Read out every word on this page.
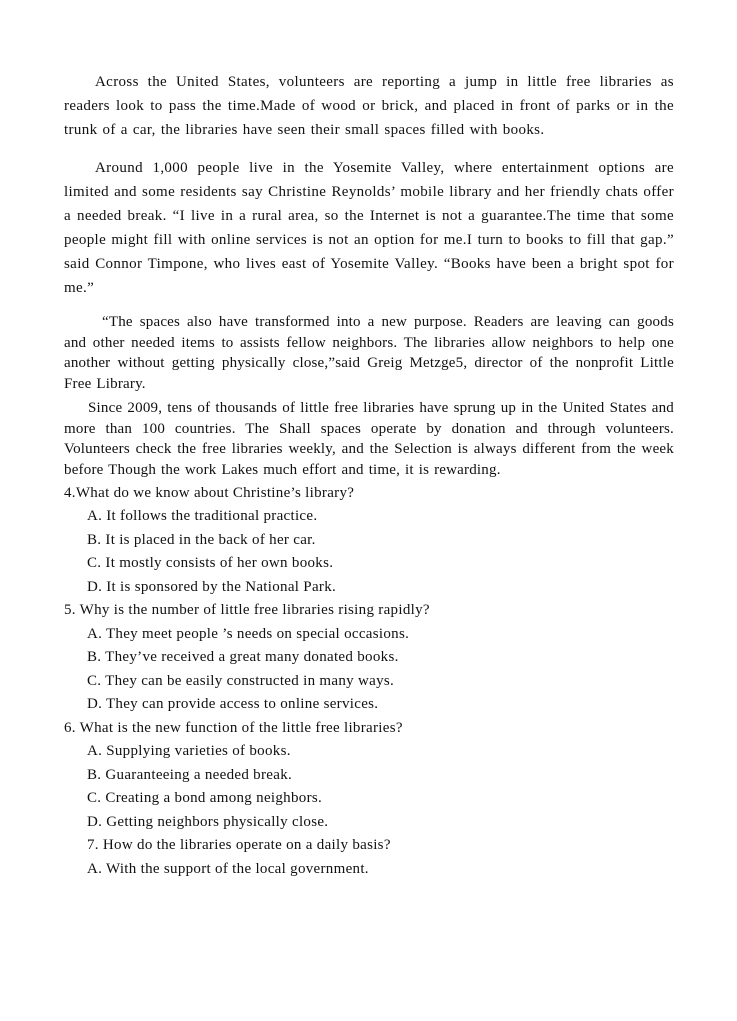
Across the United States, volunteers are reporting a jump in little free libraries as readers look to pass the time.Made of wood or brick, and placed in front of parks or in the trunk of a car, the libraries have seen their small spaces filled with books.

Around 1,000 people live in the Yosemite Valley, where entertainment options are limited and some residents say Christine Reynolds’ mobile library and her friendly chats offer a needed break. “I live in a rural area, so the Internet is not a guarantee.The time that some people might fill with online services is not an option for me.I turn to books to fill that gap.” said Connor Timpone, who lives east of Yosemite Valley. “Books have been a bright spot for me.”

“The spaces also have transformed into a new purpose. Readers are leaving can goods and other needed items to assists fellow neighbors. The libraries allow neighbors to help one another without getting physically close,”said Greig Metzge5, director of the nonprofit Little Free Library.

Since 2009, tens of thousands of little free libraries have sprung up in the United States and more than 100 countries. The Shall spaces operate by donation and through volunteers. Volunteers check the free libraries weekly, and the Selection is always different from the week before Though the work Lakes much effort and time, it is rewarding.

4.What do we know about Christine’s library?
A. It follows the traditional practice.
B. It is placed in the back of her car.
C. It mostly consists of her own books.
D. It is sponsored by the National Park.
5. Why is the number of little free libraries rising rapidly?
A. They meet people ’s needs on special occasions.
B. They’ve received a great many donated books.
C. They can be easily constructed in many ways.
D. They can provide access to online services.
6. What is the new function of the little free libraries?
A. Supplying varieties of books.
B. Guaranteeing a needed break.
C. Creating a bond among neighbors.
D. Getting neighbors physically close.
7. How do the libraries operate on a daily basis?
A. With the support of the local government.
